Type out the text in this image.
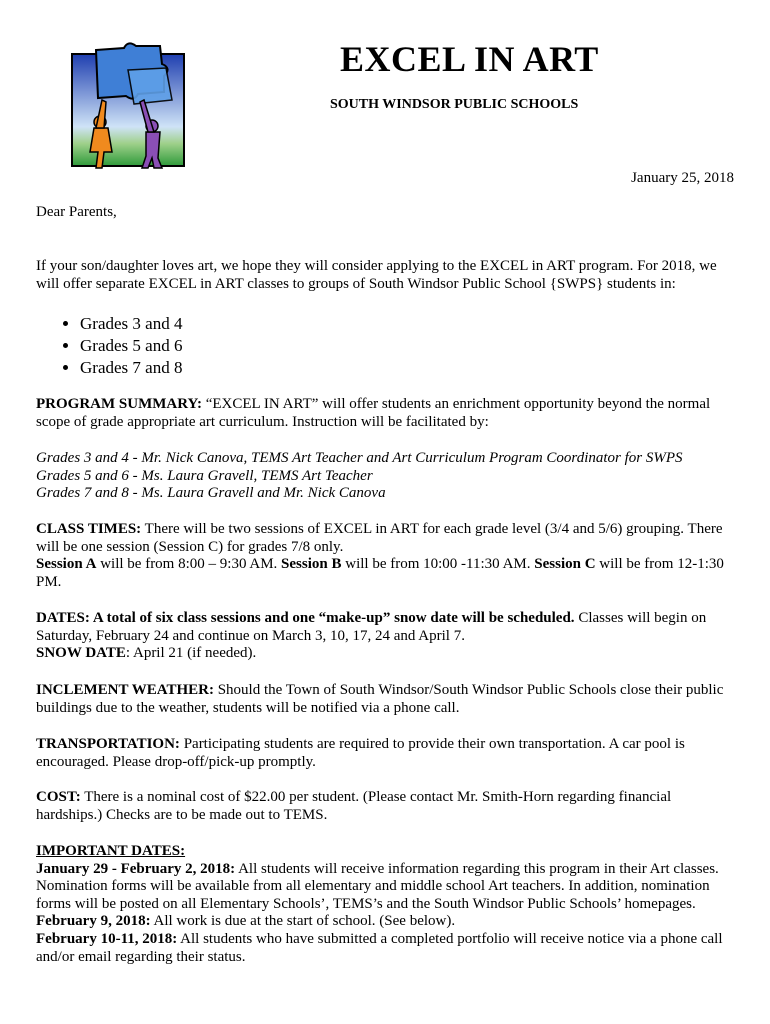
EXCEL IN ART
SOUTH WINDSOR PUBLIC SCHOOLS
January 25, 2018

Dear Parents,

If your son/daughter loves art, we hope they will consider applying to the EXCEL in ART program. For 2018, we will offer separate EXCEL in ART classes to groups of South Windsor Public School {SWPS} students in:

• Grades 3 and 4
• Grades 5 and 6
• Grades 7 and 8

PROGRAM SUMMARY: “EXCEL IN ART” will offer students an enrichment opportunity beyond the normal scope of grade appropriate art curriculum. Instruction will be facilitated by:

Grades 3 and 4 - Mr. Nick Canova, TEMS Art Teacher and Art Curriculum Program Coordinator for SWPS
Grades 5 and 6 - Ms. Laura Gravell, TEMS Art Teacher
Grades 7 and 8 - Ms. Laura Gravell and Mr. Nick Canova

CLASS TIMES: There will be two sessions of EXCEL in ART for each grade level (3/4 and 5/6) grouping. There will be one session (Session C) for grades 7/8 only.

Session A will be from 8:00 – 9:30 AM. Session B will be from 10:00 -11:30 AM. Session C will be from 12-1:30 PM.

DATES: A total of six class sessions and one “make-up” snow date will be scheduled. Classes will begin on Saturday, February 24 and continue on March 3, 10, 17, 24 and April 7.

SNOW DATE: April 21 (if needed).

INCLEMENT WEATHER: Should the Town of South Windsor/South Windsor Public Schools close their public buildings due to the weather, students will be notified via a phone call.

TRANSPORTATION: Participating students are required to provide their own transportation. A car pool is encouraged. Please drop-off/pick-up promptly.

COST: There is a nominal cost of $22.00 per student. (Please contact Mr. Smith-Horn regarding financial hardships.) Checks are to be made out to TEMS.

IMPORTANT DATES:

January 29 - February 2, 2018: All students will receive information regarding this program in their Art classes. Nomination forms will be available from all elementary and middle school Art teachers. In addition, nomination forms will be posted on all Elementary Schools’, TEMS’s and the South Windsor Public Schools’ homepages.

February 9, 2018: All work is due at the start of school. (See below).

February 10-11, 2018: All students who have submitted a completed portfolio will receive notice via a phone call and/or email regarding their status.
